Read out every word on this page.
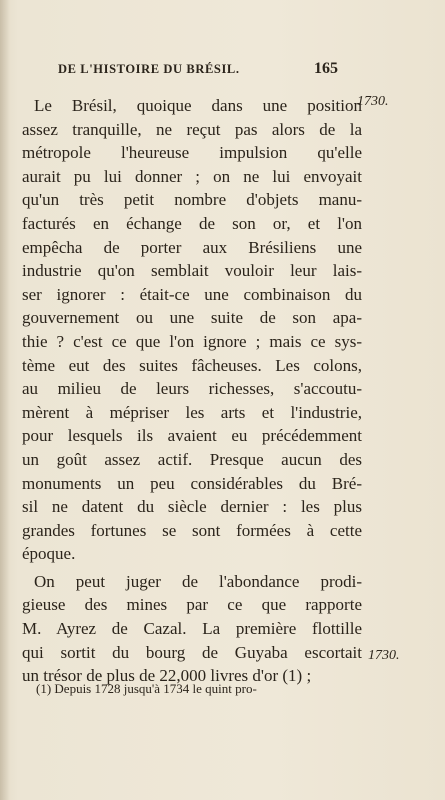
DE L'HISTOIRE DU BRÉSIL.	165
1730.
1730.
Le Brésil, quoique dans une position
assez tranquille, ne reçut pas alors de la
métropole l'heureuse impulsion qu'elle
aurait pu lui donner ; on ne lui envoyait
qu'un très petit nombre d'objets manu-
facturés en échange de son or, et l'on
empêcha de porter aux Brésiliens une
industrie qu'on semblait vouloir leur lais-
ser ignorer : était-ce une combinaison du
gouvernement ou une suite de son apa-
thie ? c'est ce que l'on ignore ; mais ce sys-
tème eut des suites fâcheuses. Les colons,
au milieu de leurs richesses, s'accoutu-
mèrent à mépriser les arts et l'industrie,
pour lesquels ils avaient eu précédemment
un goût assez actif. Presque aucun des
monuments un peu considérables du Bré-
sil ne datent du siècle dernier : les plus
grandes fortunes se sont formées à cette
époque.
On peut juger de l'abondance prodi-
gieuse des mines par ce que rapporte
M. Ayrez de Cazal. La première flottille
qui sortit du bourg de Guyaba escortait
un trésor de plus de 22,000 livres d'or (1) ;
(1) Depuis 1728 jusqu'à 1734 le quint pro-
